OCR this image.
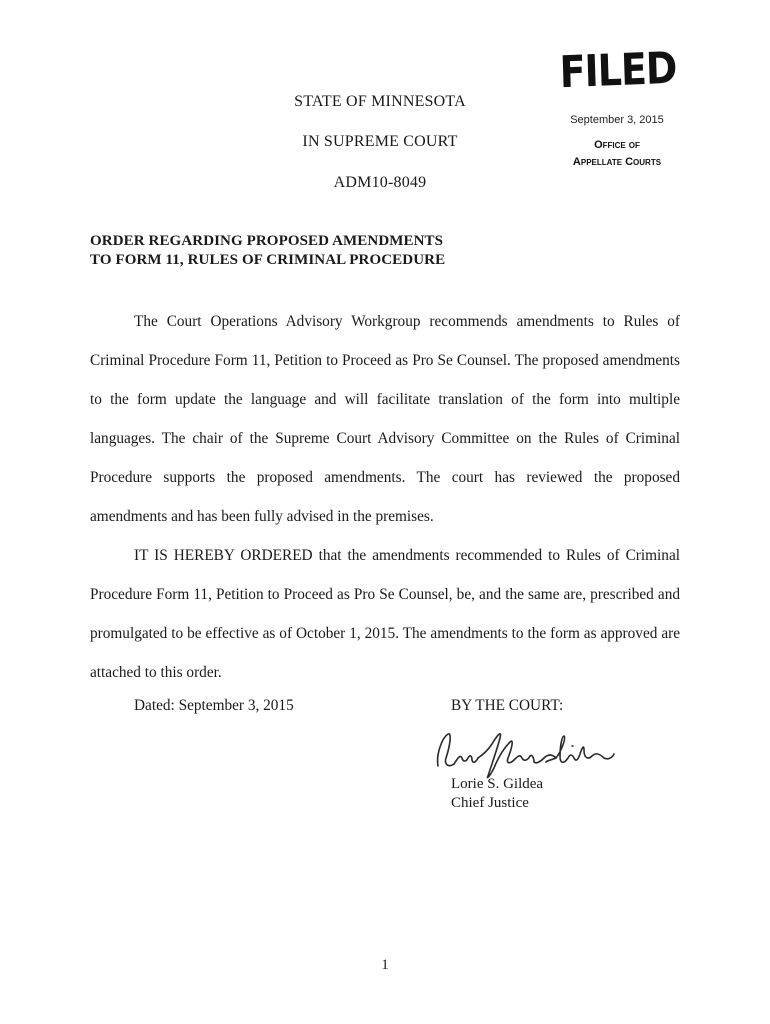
STATE OF MINNESOTA
IN SUPREME COURT
ADM10-8049
FILED
September 3, 2015
Office of
Appellate Courts
ORDER REGARDING PROPOSED AMENDMENTS
TO FORM 11, RULES OF CRIMINAL PROCEDURE

The Court Operations Advisory Workgroup recommends amendments to Rules of Criminal Procedure Form 11, Petition to Proceed as Pro Se Counsel. The proposed amendments to the form update the language and will facilitate translation of the form into multiple languages. The chair of the Supreme Court Advisory Committee on the Rules of Criminal Procedure supports the proposed amendments. The court has reviewed the proposed amendments and has been fully advised in the premises.

IT IS HEREBY ORDERED that the amendments recommended to Rules of Criminal Procedure Form 11, Petition to Proceed as Pro Se Counsel, be, and the same are, prescribed and promulgated to be effective as of October 1, 2015. The amendments to the form as approved are attached to this order.

Dated: September 3, 2015	BY THE COURT:
Lorie S. Gildea
Chief Justice
1
